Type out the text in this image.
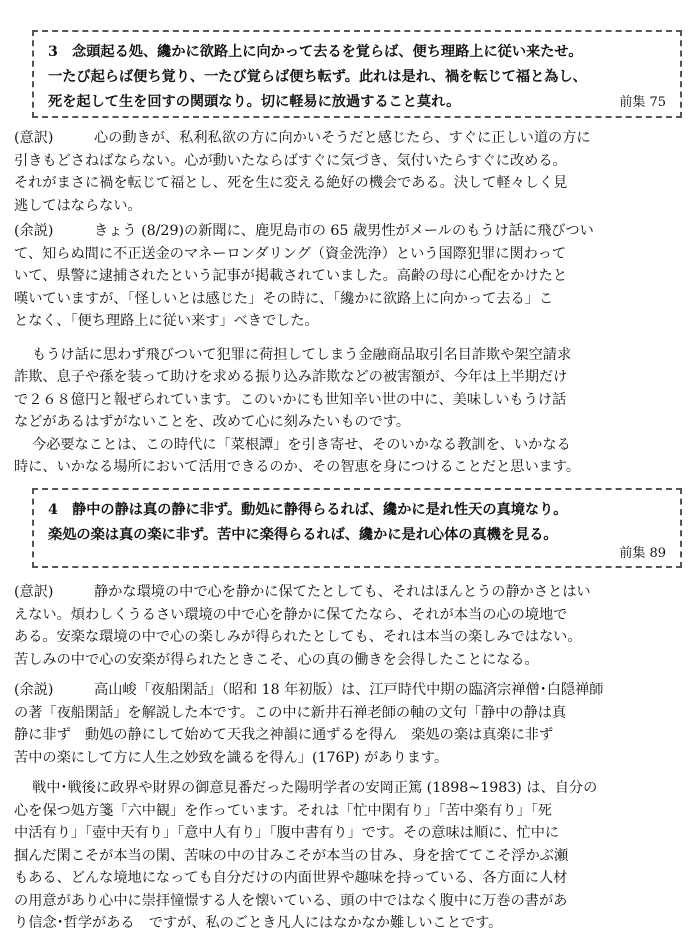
3　念頭起る処、纔かに欲路上に向かって去るを覚らば、便ち理路上に従い来たせ。
一たび起らば便ち覚り、一たび覚らば便ち転ず。此れは是れ、禍を転じて福と為し、
死を起して生を回すの関頭なり。切に軽易に放過すること莫れ。	前集 75
(意訳)	心の動きが、私利私欲の方に向かいそうだと感じたら、すぐに正しい道の方に
引きもどさねばならない。心が動いたならばすぐに気づき、気付いたらすぐに改める。
それがまさに禍を転じて福とし、死を生に変える絶好の機会である。決して軽々しく見
逃してはならない。
(余説)	きょう (8/29)の新聞に、鹿児島市の 65 歳男性がメールのもうけ話に飛びつい
て、知らぬ間に不正送金のマネーロンダリング（資金洗浄）という国際犯罪に関わって
いて、県警に逮捕されたという記事が掲載されていました。高齢の母に心配をかけたと
嘆いていますが、「怪しいとは感じた」その時に、「纔かに欲路上に向かって去る」こ
となく、「便ち理路上に従い来す」べきでした。
もうけ話に思わず飛びついて犯罪に荷担してしまう金融商品取引名目詐欺や架空請求
詐欺、息子や孫を装って助けを求める振り込み詐欺などの被害額が、今年は上半期だけ
で２６８億円と報ぜられています。このいかにも世知辛い世の中に、美味しいもうけ話
などがあるはずがないことを、改めて心に刻みたいものです。
今必要なことは、この時代に「菜根譚」を引き寄せ、そのいかなる教訓を、いかなる
時に、いかなる場所において活用できるのか、その智恵を身につけることだと思います。
4　静中の静は真の静に非ず。動処に静得らるれば、纔かに是れ性天の真境なり。
楽処の楽は真の楽に非ず。苦中に楽得らるれば、纔かに是れ心体の真機を見る。
前集 89
(意訳)	静かな環境の中で心を静かに保てたとしても、それはほんとうの静かさとはい
えない。煩わしくうるさい環境の中で心を静かに保てたなら、それが本当の心の境地で
ある。安楽な環境の中で心の楽しみが得られたとしても、それは本当の楽しみではない。
苦しみの中で心の安楽が得られたときこそ、心の真の働きを会得したことになる。
(余説)	高山峻「夜船閑話」（昭和 18 年初版）は、江戸時代中期の臨済宗禅僧･白隠禅師
の著「夜船閑話」を解説した本です。この中に新井石禅老師の軸の文句「静中の静は真
静に非ず　動処の静にして始めて天我之神韻に通ずるを得ん　楽処の楽は真楽に非ず
苦中の楽にして方に人生之妙致を識るを得ん」(176P) があります。
戦中･戦後に政界や財界の御意見番だった陽明学者の安岡正篤 (1898~1983) は、自分の
心を保つ処方箋「六中観」を作っています。それは「忙中閑有り」「苦中楽有り」「死
中活有り」「壺中天有り」「意中人有り」「腹中書有り」です。その意味は順に、忙中に
掴んだ閑こそが本当の閑、苦味の中の甘みこそが本当の甘み、身を捨ててこそ浮かぶ瀬
もある、どんな境地になっても自分だけの内面世界や趣味を持っている、各方面に人材
の用意があり心中に崇拝憧憬する人を懐いている、頭の中ではなく腹中に万巻の書があ
り信念･哲学がある　ですが、私のごとき凡人にはなかなか難しいことです。
